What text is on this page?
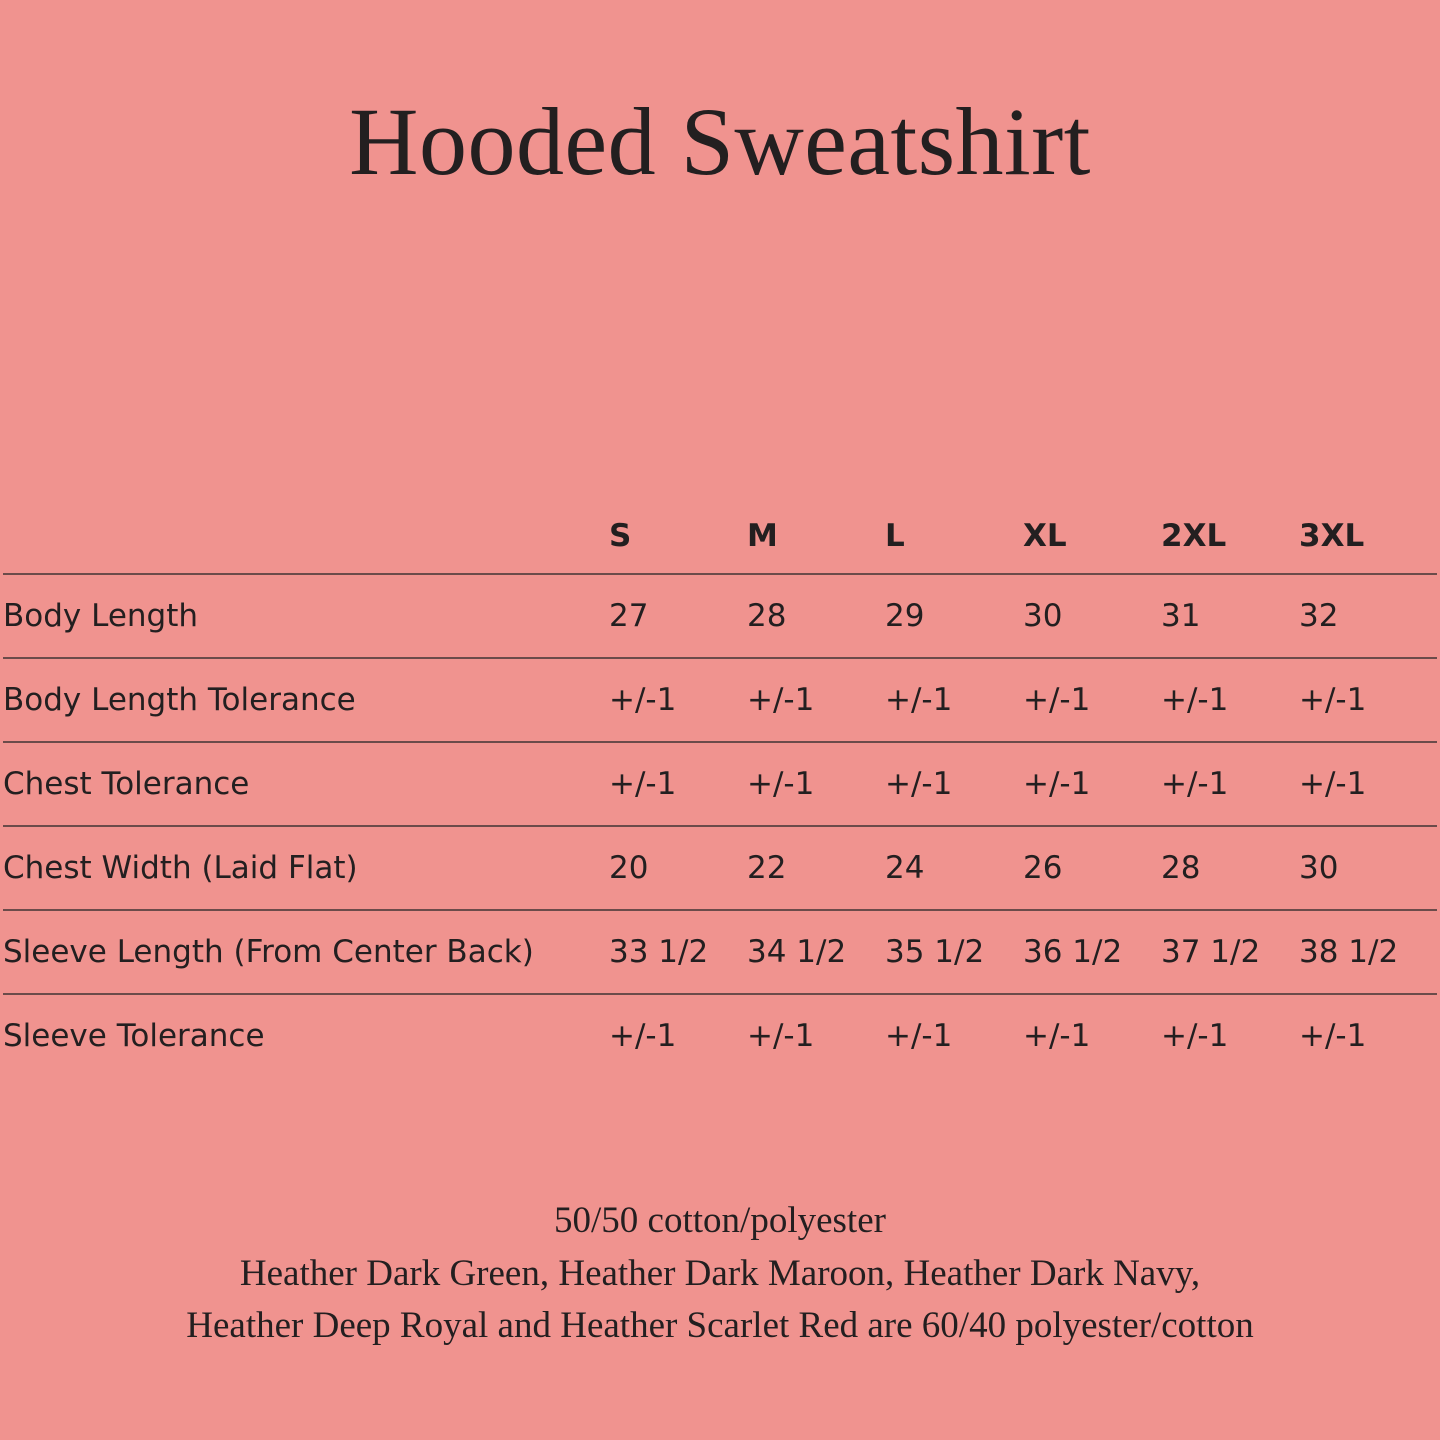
Hooded Sweatshirt
	S	M	L	XL	2XL	3XL
Body Length	27	28	29	30	31	32
Body Length Tolerance	+/-1	+/-1	+/-1	+/-1	+/-1	+/-1
Chest Tolerance	+/-1	+/-1	+/-1	+/-1	+/-1	+/-1
Chest Width (Laid Flat)	20	22	24	26	28	30
Sleeve Length (From Center Back)	33 1/2	34 1/2	35 1/2	36 1/2	37 1/2	38 1/2
Sleeve Tolerance	+/-1	+/-1	+/-1	+/-1	+/-1	+/-1
50/50 cotton/polyester
Heather Dark Green, Heather Dark Maroon, Heather Dark Navy,
Heather Deep Royal and Heather Scarlet Red are 60/40 polyester/cotton
